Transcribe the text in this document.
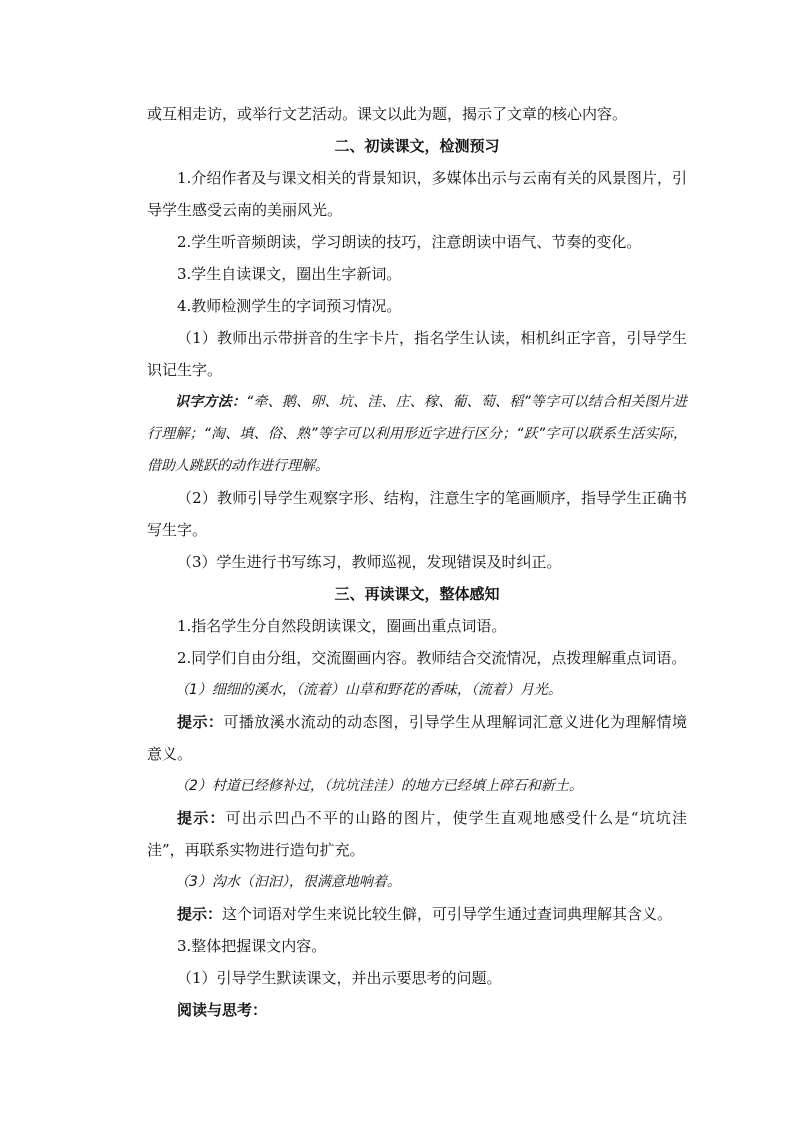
或互相走访，或举行文艺活动。课文以此为题，揭示了文章的核心内容。

二、初读课文，检测预习

1.介绍作者及与课文相关的背景知识，多媒体出示与云南有关的风景图片，引导学生感受云南的美丽风光。

2.学生听音频朗读，学习朗读的技巧，注意朗读中语气、节奏的变化。

3.学生自读课文，圈出生字新词。

4.教师检测学生的字词预习情况。

（1）教师出示带拼音的生字卡片，指名学生认读，相机纠正字音，引导学生识记生字。

识字方法：“牵、鹅、卵、坑、洼、庄、稼、葡、萄、稻”等字可以结合相关图片进行理解；“淘、填、俗、熟”等字可以利用形近字进行区分；“跃”字可以联系生活实际，借助人跳跃的动作进行理解。

（2）教师引导学生观察字形、结构，注意生字的笔画顺序，指导学生正确书写生字。

（3）学生进行书写练习，教师巡视，发现错误及时纠正。

三、再读课文，整体感知

1.指名学生分自然段朗读课文，圈画出重点词语。

2.同学们自由分组，交流圈画内容。教师结合交流情况，点拨理解重点词语。

（1）细细的溪水，（流着）山草和野花的香味，（流着）月光。

提示：可播放溪水流动的动态图，引导学生从理解词汇意义进化为理解情境意义。

（2）村道已经修补过，（坑坑洼洼）的地方已经填上碎石和新土。

提示：可出示凹凸不平的山路的图片，使学生直观地感受什么是“坑坑洼洼”，再联系实物进行造句扩充。

（3）沟水（汩汩），很满意地响着。

提示：这个词语对学生来说比较生僻，可引导学生通过查词典理解其含义。

3.整体把握课文内容。

（1）引导学生默读课文，并出示要思考的问题。

阅读与思考：
